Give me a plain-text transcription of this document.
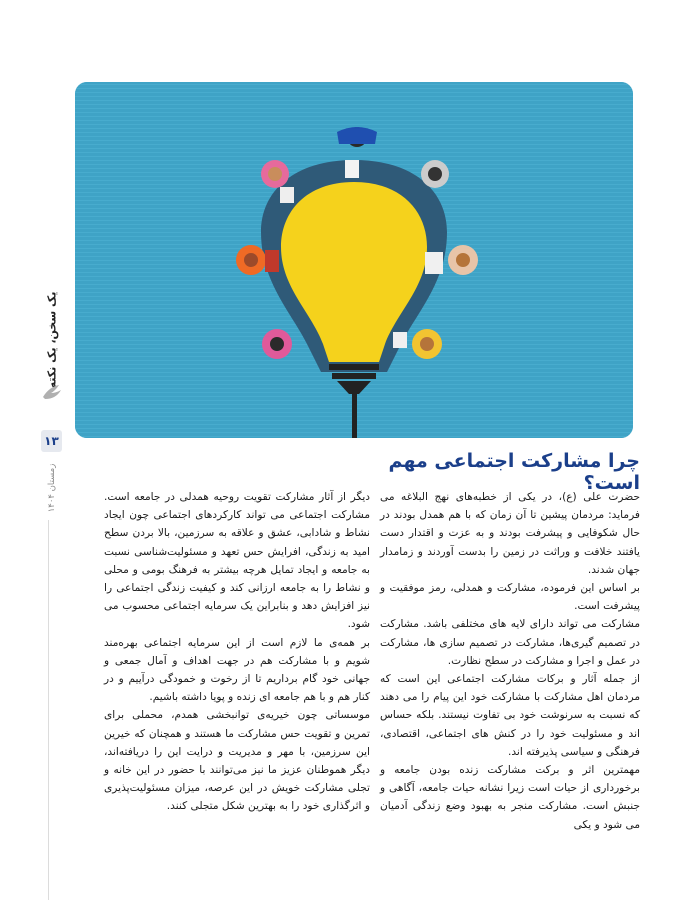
یک سخن، یک نکته
۱۳
زمستان ۱۴۰۴
چرا مشارکت اجتماعی مهم است؟

حضرت علی (ع)، در یکی از خطبه‌های نهج البلاغه می فرماید: مردمان پیشین تا آن زمان که با هم همدل بودند در حال شکوفایی و پیشرفت بودند و به عزت و اقتدار دست یافتند خلافت و وراثت در زمین را بدست آوردند و زمامدار جهان شدند.

بر اساس این فرموده، مشارکت و همدلی، رمز موفقیت و پیشرفت است.

مشارکت می تواند دارای لایه های مختلفی باشد. مشارکت در تصمیم گیری‌ها، مشارکت در تصمیم سازی ها، مشارکت در عمل و اجرا و مشارکت در سطح نظارت.

از جمله آثار و برکات مشارکت اجتماعی این است که مردمان اهل مشارکت با مشارکت خود این پیام را می دهند که نسبت به سرنوشت خود بی تفاوت نیستند. بلکه حساس اند و مسئولیت خود را در کنش های اجتماعی، اقتصادی، فرهنگی و سیاسی پذیرفته اند.

مهمترین اثر و برکت مشارکت زنده بودن جامعه و برخورداری از حیات است زیرا نشانه حیات جامعه، آگاهی و جنبش است. مشارکت منجر به بهبود وضع زندگی آدمیان می شود و یکی

دیگر از آثار مشارکت تقویت روحیه همدلی در جامعه است. مشارکت اجتماعی می تواند کارکردهای اجتماعی چون ایجاد نشاط و شادابی، عشق و علاقه به سرزمین، بالا بردن سطح امید به زندگی، افرایش حس تعهد و مسئولیت‌شناسی نسبت به جامعه و ایجاد تمایل هرچه بیشتر به فرهنگ بومی و محلی و نشاط را به جامعه ارزانی کند و کیفیت زندگی اجتماعی را نیز افزایش دهد و بنابراین یک سرمایه اجتماعی محسوب می شود.

بر همه‌ی ما لازم است از این سرمایه اجتماعی بهره‌مند شویم و با مشارکت هم در جهت اهداف و آمال جمعی و جهانی خود گام برداریم تا از رخوت و خمودگی درآییم و در کنار هم و با هم جامعه ای زنده و پویا داشته باشیم.

موسساتی چون خیریه‌ی توانبخشی همدم، محملی برای تمرین و تقویت حس مشارکت ما هستند و همچنان که خیرین این سرزمین، با مهر و مدیریت و درایت این را دریافته‌اند، دیگر هموطنان عزیز ما نیز می‌توانند با حضور در این خانه و تجلی مشارکت خویش در این عرصه، میزان مسئولیت‌پذیری و اثرگذاری خود را به بهترین شکل متجلی کنند.
